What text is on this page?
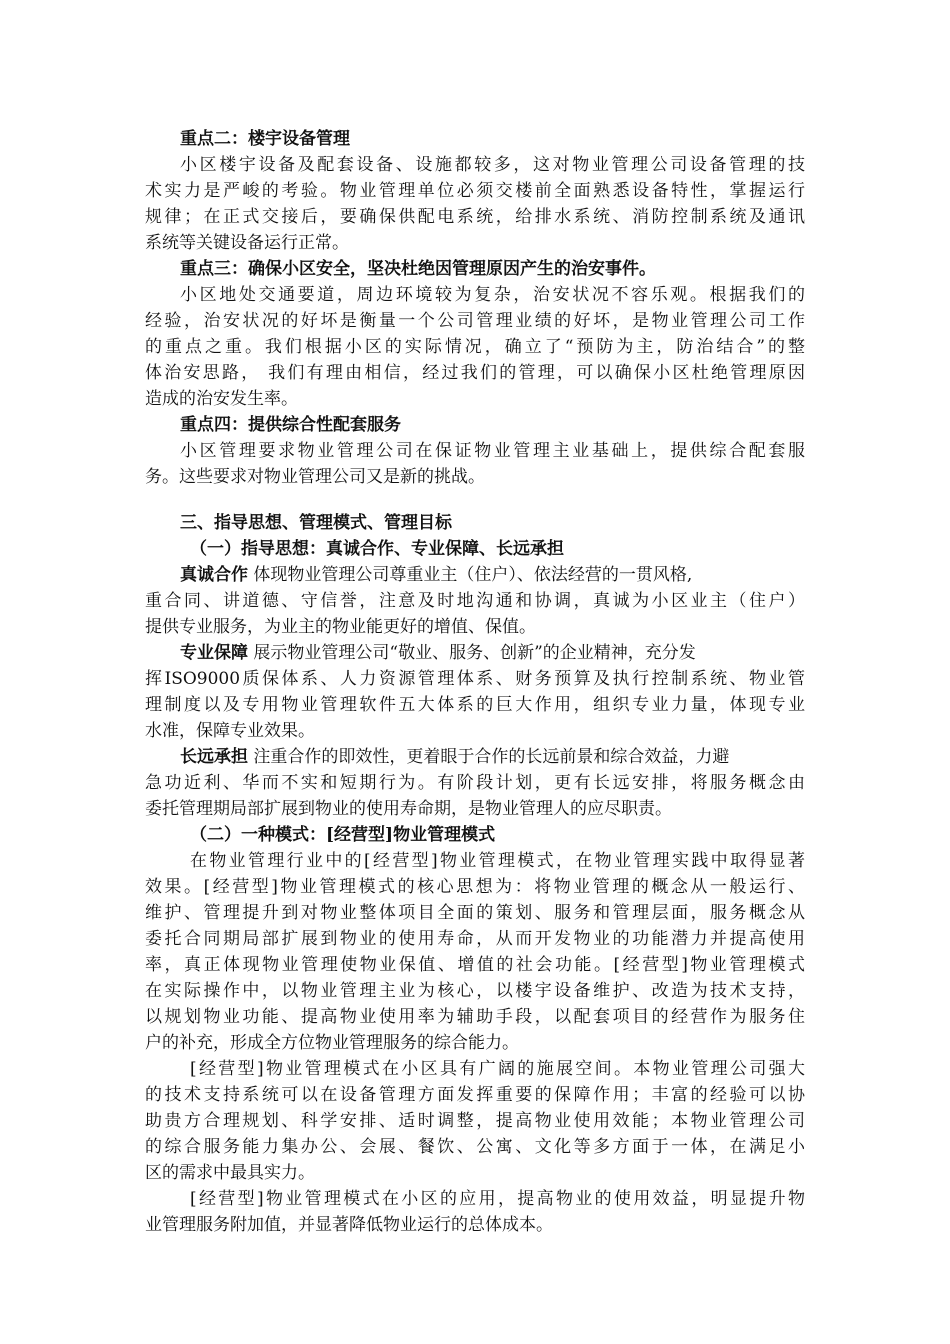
重点二：楼宇设备管理
小区楼宇设备及配套设备、设施都较多，这对物业管理公司设备管理的技
术实力是严峻的考验。物业管理单位必须交楼前全面熟悉设备特性，掌握运行
规律；在正式交接后，要确保供配电系统，给排水系统、消防控制系统及通讯
系统等关键设备运行正常。
重点三：确保小区安全，坚决杜绝因管理原因产生的治安事件。
小区地处交通要道，周边环境较为复杂，治安状况不容乐观。根据我们的
经验，治安状况的好坏是衡量一个公司管理业绩的好坏，是物业管理公司工作
的重点之重。我们根据小区的实际情况，确立了“预防为主，防治结合”的整
体治安思路， 我们有理由相信，经过我们的管理，可以确保小区杜绝管理原因
造成的治安发生率。
重点四：提供综合性配套服务
小区管理要求物业管理公司在保证物业管理主业基础上，提供综合配套服
务。这些要求对物业管理公司又是新的挑战。
三、指导思想、管理模式、管理目标
（一）指导思想：真诚合作、专业保障、长远承担
真诚合作 体现物业管理公司尊重业主（住户）、依法经营的一贯风格,
重合同、讲道德、守信誉，注意及时地沟通和协调，真诚为小区业主（住户）
提供专业服务，为业主的物业能更好的增值、保值。
专业保障 展示物业管理公司“敬业、服务、创新”的企业精神，充分发
挥ISO9000质保体系、人力资源管理体系、财务预算及执行控制系统、物业管
理制度以及专用物业管理软件五大体系的巨大作用，组织专业力量，体现专业
水准，保障专业效果。
长远承担 注重合作的即效性，更着眼于合作的长远前景和综合效益，力避
急功近利、华而不实和短期行为。有阶段计划，更有长远安排，将服务概念由
委托管理期局部扩展到物业的使用寿命期，是物业管理人的应尽职责。
（二）一种模式：[经营型]物业管理模式
在物业管理行业中的[经营型]物业管理模式，在物业管理实践中取得显著
效果。[经营型]物业管理模式的核心思想为：将物业管理的概念从一般运行、
维护、管理提升到对物业整体项目全面的策划、服务和管理层面，服务概念从
委托合同期局部扩展到物业的使用寿命，从而开发物业的功能潜力并提高使用
率，真正体现物业管理使物业保值、增值的社会功能。[经营型]物业管理模式
在实际操作中，以物业管理主业为核心，以楼宇设备维护、改造为技术支持，
以规划物业功能、提高物业使用率为辅助手段，以配套项目的经营作为服务住
户的补充，形成全方位物业管理服务的综合能力。
[经营型]物业管理模式在小区具有广阔的施展空间。本物业管理公司强大
的技术支持系统可以在设备管理方面发挥重要的保障作用；丰富的经验可以协
助贵方合理规划、科学安排、适时调整，提高物业使用效能；本物业管理公司
的综合服务能力集办公、会展、餐饮、公寓、文化等多方面于一体，在满足小
区的需求中最具实力。
[经营型]物业管理模式在小区的应用，提高物业的使用效益，明显提升物
业管理服务附加值，并显著降低物业运行的总体成本。
